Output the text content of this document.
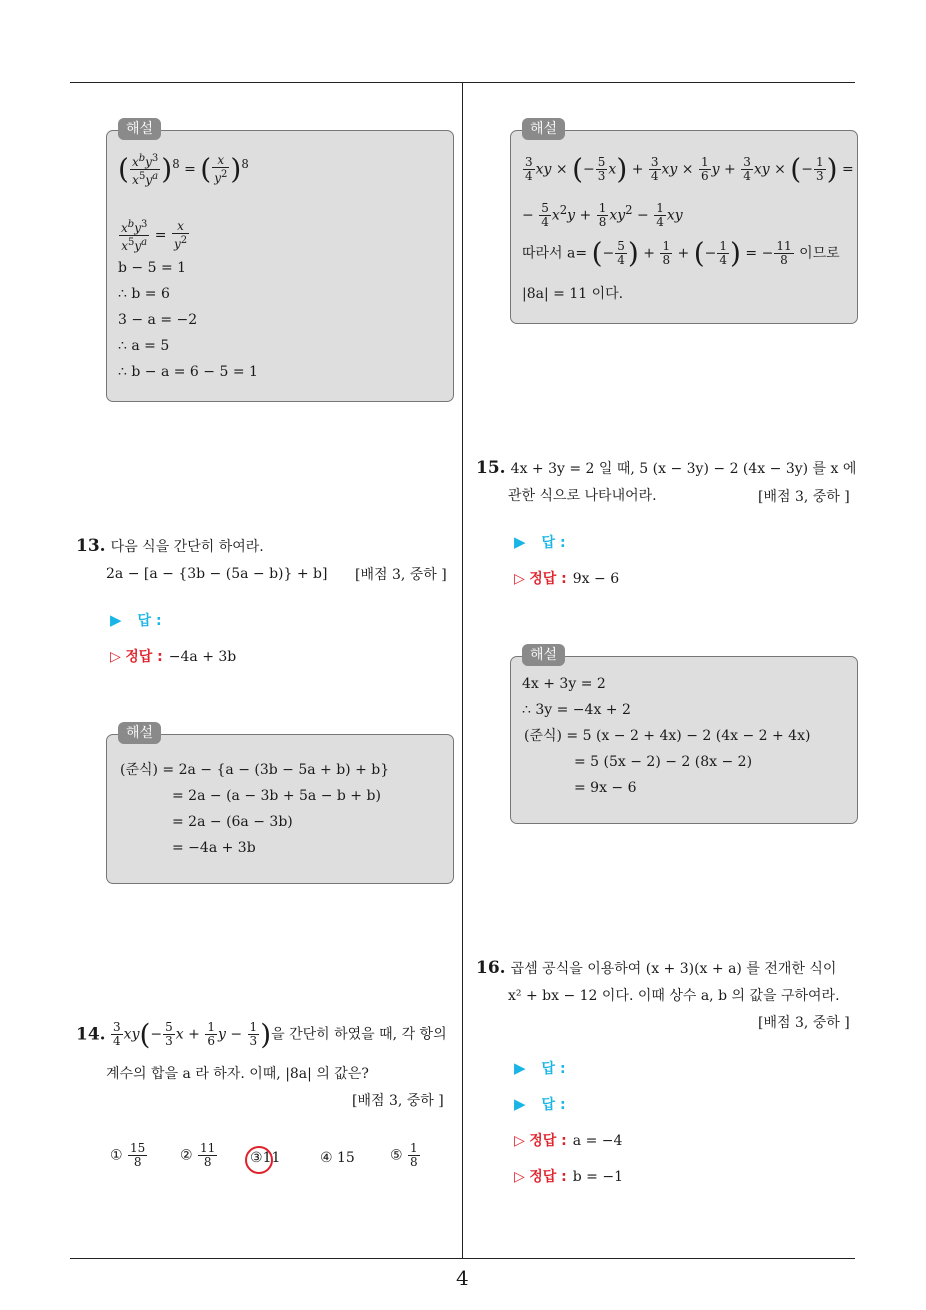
해설
( $\frac{x^by^3}{x^5y^a} )^8$ = ( $\frac{x}{y^2} )^8$
$\frac{x^by^3}{x^5y^a} = \frac{x}{y^2}$
b − 5 = 1
∴ b = 6
3 − a = −2
∴ a = 5
∴ b − a = 6 − 5 = 1
13. 다음 식을 간단히 하여라.
2a − [a − {3b − (5a − b)} + b] [배점 3, 중하 ]
▶ 답 :
▷ 정답 : −4a + 3b
해설
(준식) = 2a − {a − (3b − 5a + b) + b}
= 2a − (a − 3b + 5a − b + b)
= 2a − (6a − 3b)
= −4a + 3b
14. $\frac{3}{4} xy(- \frac{5}{3}$ $x + \frac{1}{6}$ $y - \frac{1}{3}$ )을 간단히 하였을 때, 각 항의
계수의 합을 a 라 하자. 이때, |8a| 의 값은?
[배점 3, 중하 ]
① $\frac{15}{8}$ ② $\frac{11}{8}$ ③11	④ 15	⑤ $\frac{1}{8}$
해설
$\frac{3}{4}$ xy × (− $\frac{5}{3} x) + \frac{3}{4}$ xy × $\frac{1}{6}$ $y + \frac{3}{4}$ xy × (− $\frac{1}{3}$ ) =
− $\frac{5}{4} x^2y + \frac{1}{8} xy^2 - \frac{1}{4}$ xy
따라서 a= (− $\frac{5}{4}$ ) + $\frac{1}{8}$ + (− $\frac{1}{4}$ ) = − $\frac{11}{8}$ 이므로
|8a| = 11 이다.
15. 4x + 3y = 2 일 때, 5 (x − 3y) − 2 (4x − 3y) 를 x 에
관한 식으로 나타내어라.	[배점 3, 중하 ]
▶ 답 :
▷ 정답 : 9x − 6
해설
4x + 3y = 2
∴ 3y = −4x + 2
(준식) = 5 (x − 2 + 4x) − 2 (4x − 2 + 4x)
= 5 (5x − 2) − 2 (8x − 2)
= 9x − 6
16. 곱셈 공식을 이용하여 (x + 3)(x + a) 를 전개한 식이
x² + bx − 12 이다. 이때 상수 a, b 의 값을 구하여라.
[배점 3, 중하 ]
▶ 답 :
▶ 답 :
▷ 정답 : a = −4
▷ 정답 : b = −1
4
